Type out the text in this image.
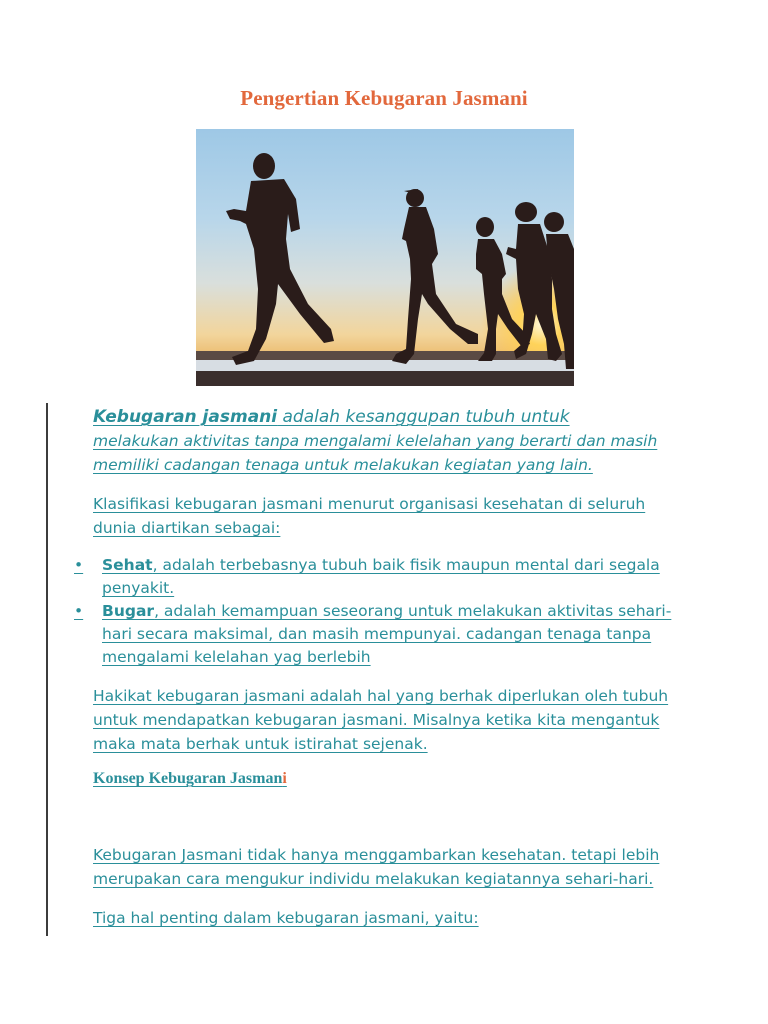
Pengertian Kebugaran Jasmani
Kebugaran jasmani adalah kesanggupan tubuh untuk
melakukan aktivitas tanpa mengalami kelelahan yang berarti dan masih memiliki cadangan tenaga untuk melakukan kegiatan yang lain.
Klasifikasi kebugaran jasmani menurut organisasi kesehatan di seluruh dunia diartikan sebagai:
•	Sehat, adalah terbebasnya tubuh baik fisik maupun mental dari segala penyakit.
•	Bugar, adalah kemampuan seseorang untuk melakukan aktivitas sehari-hari secara maksimal, dan masih mempunyai. cadangan tenaga tanpa mengalami kelelahan yag berlebih
Hakikat kebugaran jasmani adalah hal yang berhak diperlukan oleh tubuh untuk mendapatkan kebugaran jasmani. Misalnya ketika kita mengantuk maka mata berhak untuk istirahat sejenak.
Konsep Kebugaran Jasmani
Kebugaran Jasmani tidak hanya menggambarkan kesehatan. tetapi lebih merupakan cara mengukur individu melakukan kegiatannya sehari-hari.
Tiga hal penting dalam kebugaran jasmani, yaitu:
